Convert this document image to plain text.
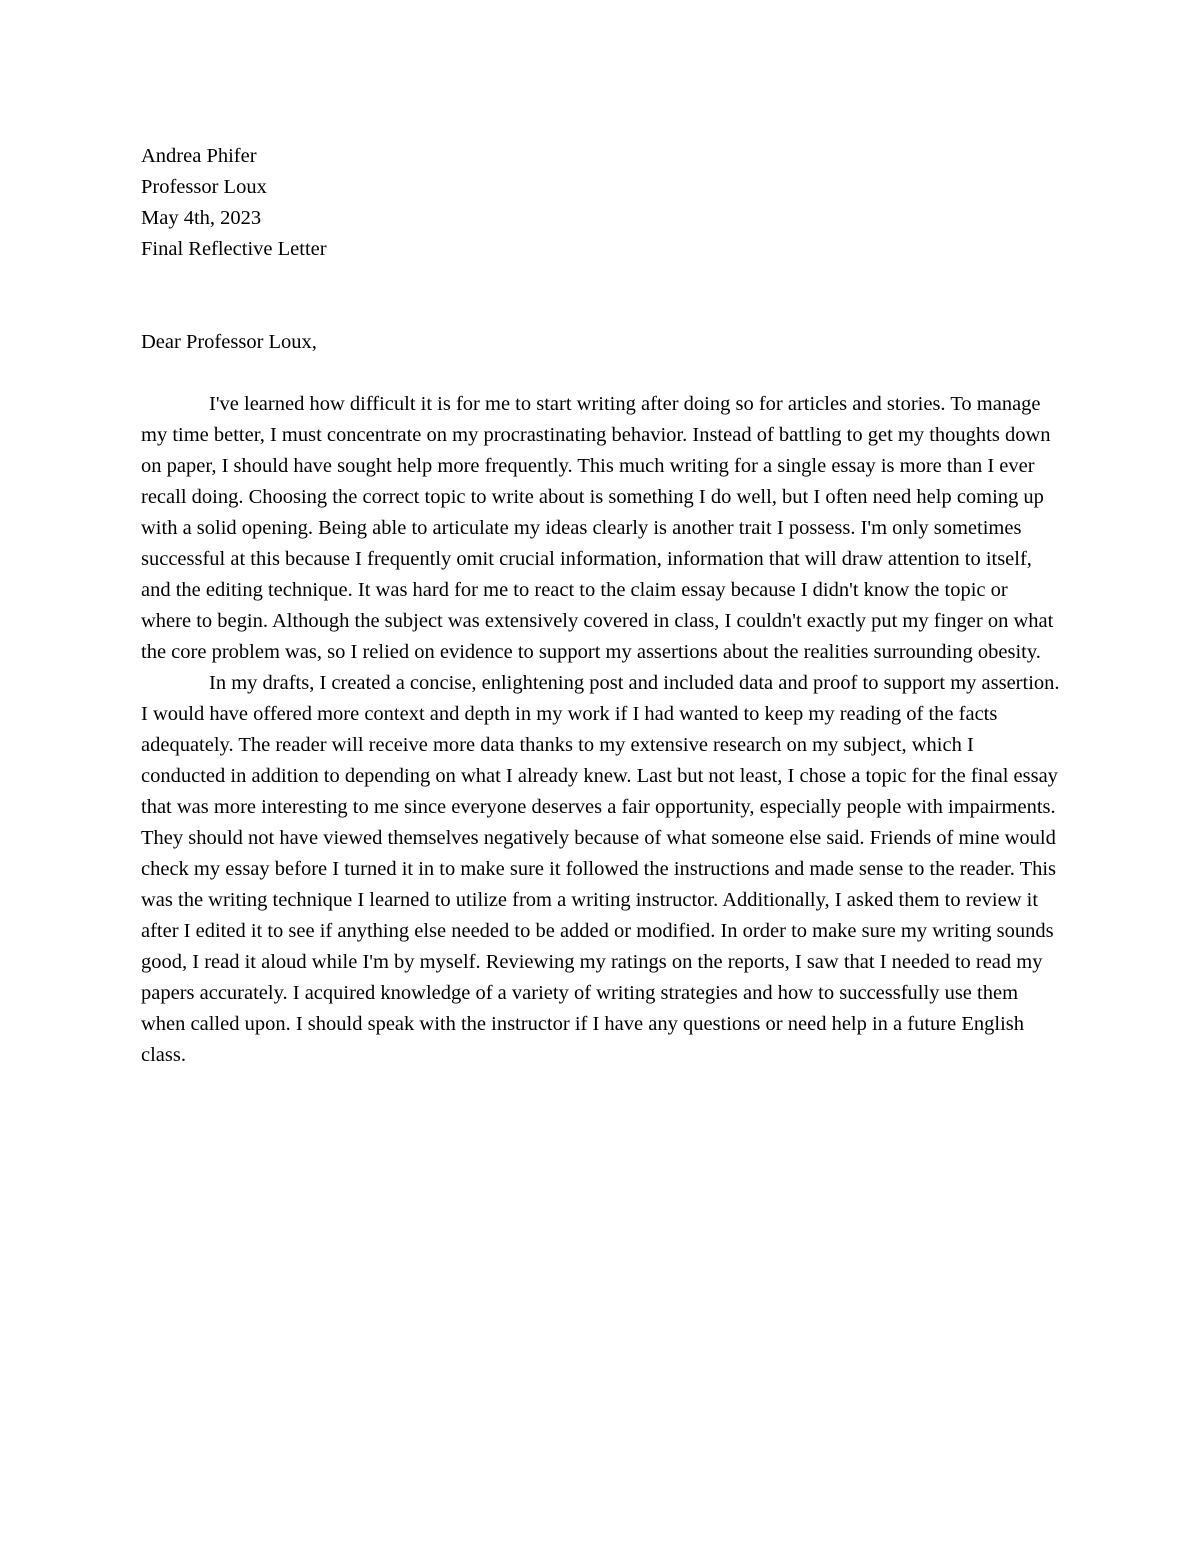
Andrea Phifer
Professor Loux
May 4th, 2023
Final Reflective Letter
Dear Professor Loux,

I've learned how difficult it is for me to start writing after doing so for articles and stories. To manage my time better, I must concentrate on my procrastinating behavior. Instead of battling to get my thoughts down on paper, I should have sought help more frequently. This much writing for a single essay is more than I ever recall doing. Choosing the correct topic to write about is something I do well, but I often need help coming up with a solid opening. Being able to articulate my ideas clearly is another trait I possess. I'm only sometimes successful at this because I frequently omit crucial information, information that will draw attention to itself, and the editing technique. It was hard for me to react to the claim essay because I didn't know the topic or where to begin. Although the subject was extensively covered in class, I couldn't exactly put my finger on what the core problem was, so I relied on evidence to support my assertions about the realities surrounding obesity.

In my drafts, I created a concise, enlightening post and included data and proof to support my assertion. I would have offered more context and depth in my work if I had wanted to keep my reading of the facts adequately. The reader will receive more data thanks to my extensive research on my subject, which I conducted in addition to depending on what I already knew. Last but not least, I chose a topic for the final essay that was more interesting to me since everyone deserves a fair opportunity, especially people with impairments. They should not have viewed themselves negatively because of what someone else said. Friends of mine would check my essay before I turned it in to make sure it followed the instructions and made sense to the reader. This was the writing technique I learned to utilize from a writing instructor. Additionally, I asked them to review it after I edited it to see if anything else needed to be added or modified. In order to make sure my writing sounds good, I read it aloud while I'm by myself. Reviewing my ratings on the reports, I saw that I needed to read my papers accurately. I acquired knowledge of a variety of writing strategies and how to successfully use them when called upon. I should speak with the instructor if I have any questions or need help in a future English class.
